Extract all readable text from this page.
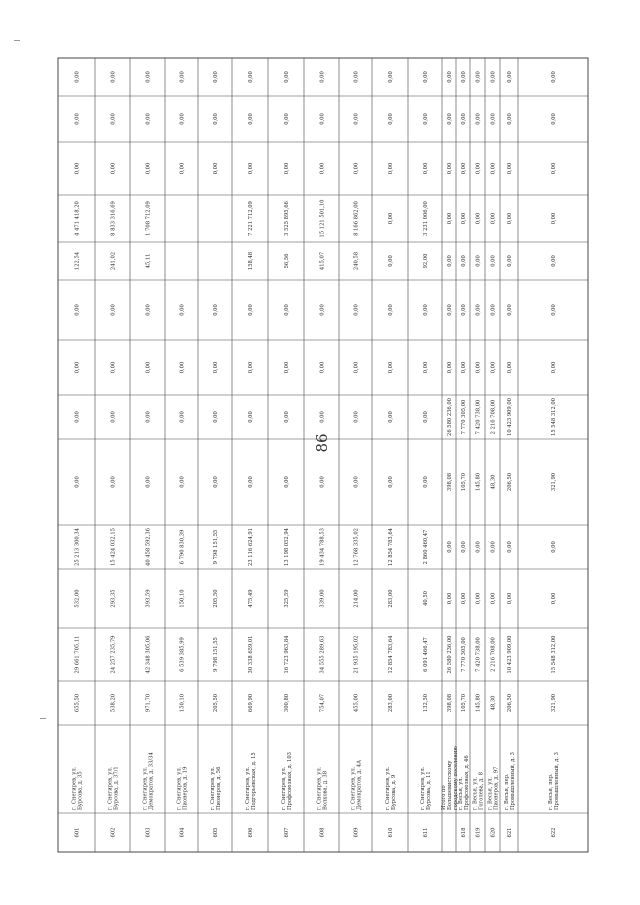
86
601
г. Снегирев, ул. Бурсова, д. 35
655,50
29 661 705,11
532,00
25 213 300,34
0,00
0,00
0,00
0,00
122,54
4 471 418,20
0,00
0,00
0,00
602
г. Снегирев, ул. Бурсова, д. 37/1
538,20
24 257 235,79
293,35
15 424 032,15
0,00
0,00
0,00
0,00
241,02
8 833 316,69
0,00
0,00
0,00
603
г. Снегирев, ул. Демократов, д. 33/34
971,70
42 348 305,06
393,59
40 458 592,36
0,00
0,00
0,00
0,00
45,11
1 708 712,09
0,00
0,00
0,00
604
г. Снегирев, ул. Пионеров, д. 19
150,10
6 539 385,99
150,10
6 790 830,39
0,00
0,00
0,00
0,00
0,00
0,00
0,00
605
г. Снегирев, ул. Пионеров, д. 56
205,50
9 798 151,55
205,50
9 798 151,55
0,00
0,00
0,00
0,00
0,00
0,00
0,00
606
г. Снегирев, ул. Подгорьевская, д. 15
669,90
30 338 659,01
475,49
23 116 624,91
0,00
0,00
0,00
0,00
158,48
7 221 712,09
0,00
0,00
0,00
607
г. Снегирев, ул. Профсоюзная, д. 103
300,80
16 723 963,84
325,59
13 198 052,94
0,00
0,00
0,00
0,00
56,56
3 525 895,66
0,00
0,00
0,00
608
г. Снегирев, ул. Волкова, д. 38
754,07
34 555 289,63
339,00
19 434 788,53
0,00
0,00
0,00
0,00
415,07
15 121 501,10
0,00
0,00
0,00
609
г. Снегирев, ул. Демократов, д. 4А
455,00
21 935 195,02
214,00
12 768 335,02
0,00
0,00
0,00
0,00
240,58
8 166 862,00
0,00
0,00
0,00
610
г. Снегирев, ул. Бурсова, д. 9
283,00
12 854 783,64
283,00
12 854 783,64
0,00
0,00
0,00
0,00
0,00
0,00
0,00
0,00
0,00
611
г. Снегирев, ул. Бурсова, д. 11
132,50
6 091 466,47
40,50
2 860 460,47
0,00
0,00
0,00
0,00
92,00
3 231 006,00
0,00
0,00
0,00
Итого по Большевистскому городскому поселению
398,08
26 580 236,00
0,00
0,00
398,08
26 580 236,00
0,00
0,00
0,00
0,00
0,00
0,00
0,00
618
г. Весья, ул. Профсоюзная, д. 46
105,70
7 770 305,00
0,00
0,00
105,70
7 770 305,00
0,00
0,00
0,00
0,00
0,00
0,00
0,00
619
г. Весья, ул. Гоголева, д. 8
145,80
7 420 738,00
0,00
0,00
145,80
7 420 738,00
0,00
0,00
0,00
0,00
0,00
0,00
0,00
620
г. Весья, ул. Пионеров, д. 97
48,30
2 216 708,00
0,00
0,00
48,30
2 216 708,00
0,00
0,00
0,00
0,00
0,00
0,00
0,00
621
г. Весья, пер. Промышленный, д. 3
206,50
10 423 909,00
0,00
0,00
206,50
10 423 909,00
0,00
0,00
0,00
0,00
0,00
0,00
0,00
622
г. Весья, пер. Промышленный, д. 3
321,90
15 548 312,00
0,00
0,00
321,90
15 548 312,00
0,00
0,00
0,00
0,00
0,00
0,00
0,00
